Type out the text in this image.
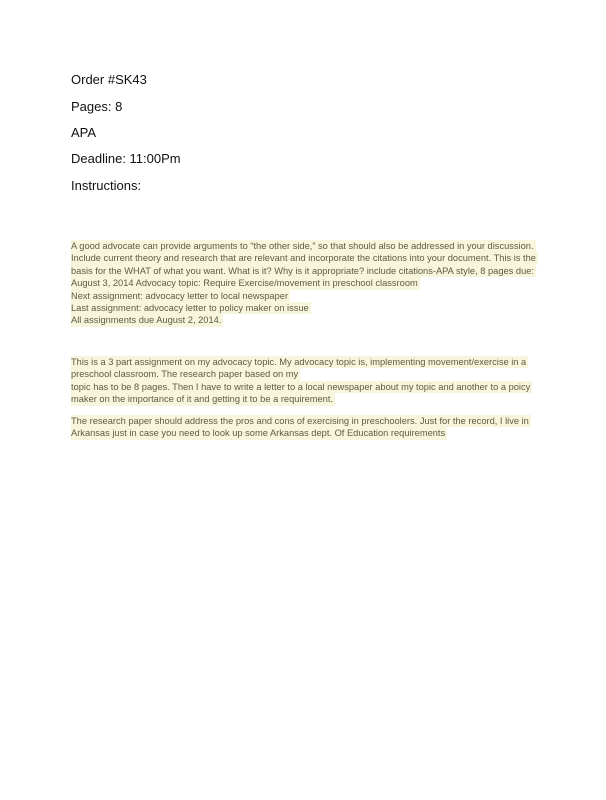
Order #SK43
Pages: 8
APA
Deadline: 11:00Pm
Instructions:
A good advocate can provide arguments to “the other side,” so that should also be addressed in your discussion.
Include current theory and research that are relevant and incorporate the citations into your document. This is the
basis for the WHAT of what you want. What is it? Why is it appropriate? include citations-APA style, 8 pages due:
August 3, 2014 Advocacy topic: Require Exercise/movement in preschool classroom
Next assignment: advocacy letter to local newspaper
Last assignment: advocacy letter to policy maker on issue
All assignments due August 2, 2014.
This is a 3 part assignment on my advocacy topic. My advocacy topic is, implementing movement/exercise in a
preschool classroom. The research paper based on my
topic has to be 8 pages. Then I have to write a letter to a local newspaper about my topic and another to a poicy
maker on the importance of it and getting it to be a requirement.
The research paper should address the pros and cons of exercising in preschoolers. Just for the record, I live in
Arkansas just in case you need to look up some Arkansas dept. Of Education requirements
